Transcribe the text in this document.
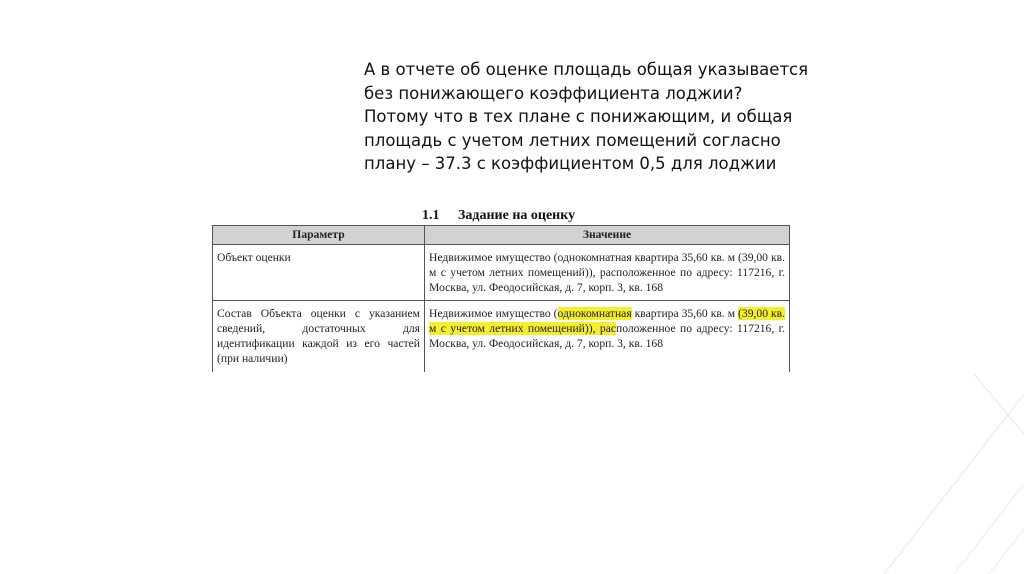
А в отчете об оценке площадь общая указывается
без понижающего коэффициента лоджии?
Потому что в тех плане с понижающим, и общая
площадь с учетом летних помещений согласно
плану – 37.3 с коэффициентом 0,5 для лоджии
1.1 Задание на оценку
Параметр	Значение
Объект оценки	Недвижимое имущество (однокомнатная квартира 35,60 кв. м (39,00 кв. м с учетом летних помещений)), расположенное по адресу: 117216, г. Москва, ул. Феодосийская, д. 7, корп. 3, кв. 168
Состав Объекта оценки с указанием сведений, достаточных для идентификации каждой из его частей (при наличии)	Недвижимое имущество (однокомнатная квартира 35,60 кв. м (39,00 кв. м с учетом летних помещений)), расположенное по адресу: 117216, г. Москва, ул. Феодосийская, д. 7, корп. 3, кв. 168
